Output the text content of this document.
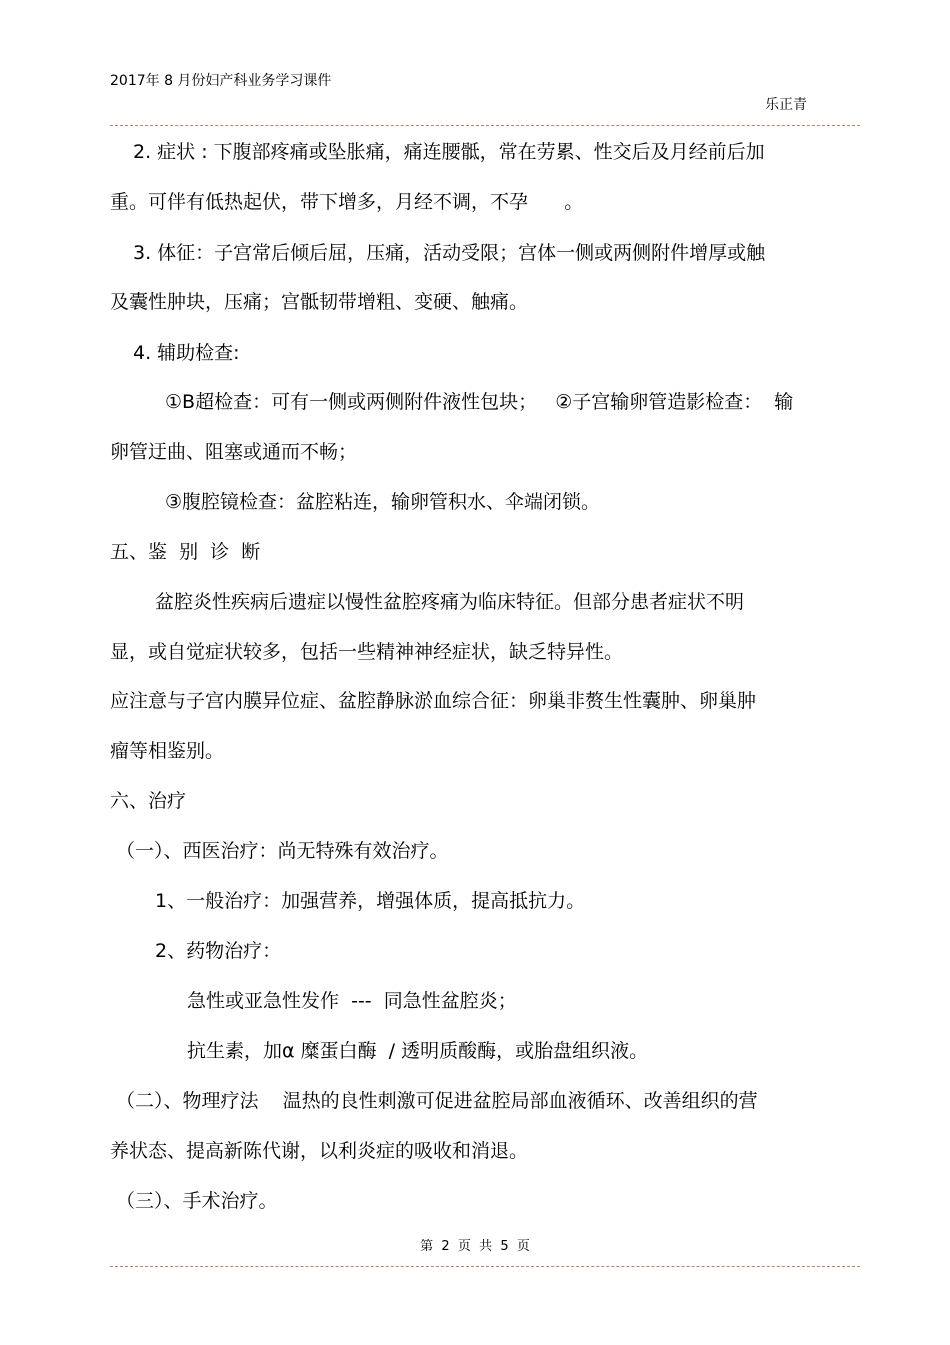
2017年 8 月份妇产科业务学习课件
乐正青
2. 症状 : 下腹部疼痛或坠胀痛，痛连腰骶，常在劳累、性交后及月经前后加
重。可伴有低热起伏，带下增多，月经不调，不孕      。
3. 体征：子宫常后倾后屈，压痛，活动受限；宫体一侧或两侧附件增厚或触
及囊性肿块，压痛；宫骶韧带增粗、变硬、触痛。
4. 辅助检查:
①B超检查：可有一侧或两侧附件液性包块；   ②子宫输卵管造影检查：  输
卵管迂曲、阻塞或通而不畅；
③腹腔镜检查：盆腔粘连，输卵管积水、伞端闭锁。
五、鉴  别  诊  断
盆腔炎性疾病后遗症以慢性盆腔疼痛为临床特征。但部分患者症状不明
显，或自觉症状较多，包括一些精神神经症状，缺乏特异性。
应注意与子宫内膜异位症、盆腔静脉淤血综合征：卵巢非赘生性囊肿、卵巢肿
瘤等相鉴别。
六、治疗
（一）、西医治疗：尚无特殊有效治疗。
1、一般治疗：加强营养，增强体质，提高抵抗力。
2、药物治疗：
急性或亚急性发作  ---  同急性盆腔炎；
抗生素，加α 糜蛋白酶  / 透明质酸酶，或胎盘组织液。
（二）、物理疗法    温热的良性刺激可促进盆腔局部血液循环、改善组织的营
养状态、提高新陈代谢，以利炎症的吸收和消退。
（三）、手术治疗。
第  2  页  共  5  页
